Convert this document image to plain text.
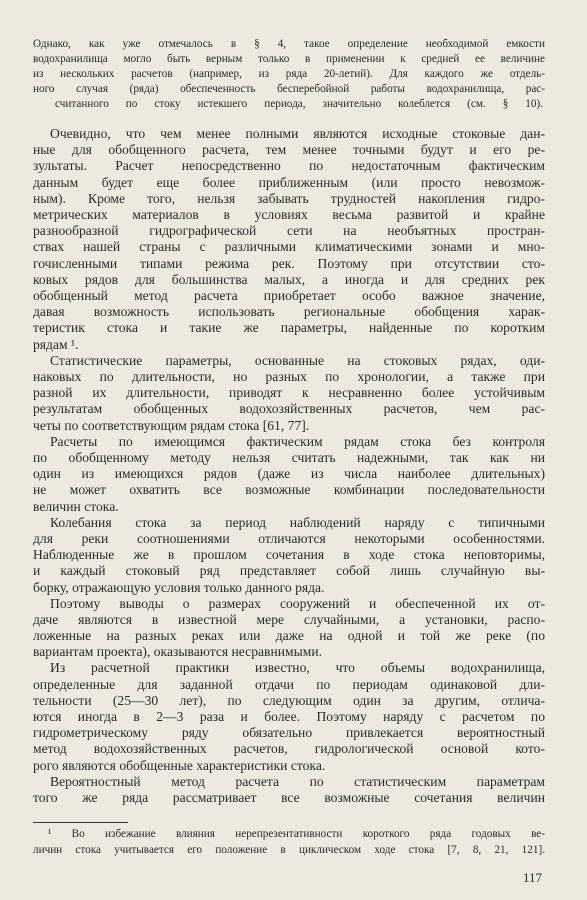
Однако, как уже отмечалось в § 4, такое определение необходимой емкости
водохранилища могло быть верным только в применении к средней ее величине
из нескольких расчетов (например, из ряда 20-летий). Для каждого же отдель-
ного случая (ряда) обеспеченность бесперебойной работы водохранилища, рас-
считанного по стоку истекшего периода, значительно колеблется (см. § 10).
Очевидно, что чем менее полными являются исходные стоковые дан-
ные для обобщенного расчета, тем менее точными будут и его ре-
зультаты. Расчет непосредственно по недостаточным фактическим
данным будет еще более приближенным (или просто невозмож-
ным). Кроме того, нельзя забывать трудностей накопления гидро-
метрических материалов в условиях весьма развитой и крайне
разнообразной гидрографической сети на необъятных простран-
ствах нашей страны с различными климатическими зонами и мно-
гочисленными типами режима рек. Поэтому при отсутствии сто-
ковых рядов для большинства малых, а иногда и для средних рек
обобщенный метод расчета приобретает особо важное значение,
давая возможность использовать региональные обобщения харак-
теристик стока и такие же параметры, найденные по коротким
рядам ¹.
Статистические параметры, основанные на стоковых рядах, оди-
наковых по длительности, но разных по хронологии, а также при
разной их длительности, приводят к несравненно более устойчивым
результатам обобщенных водохозяйственных расчетов, чем рас-
четы по соответствующим рядам стока [61, 77].
Расчеты по имеющимся фактическим рядам стока без контроля
по обобщенному методу нельзя считать надежными, так как ни
один из имеющихся рядов (даже из числа наиболее длительных)
не может охватить все возможные комбинации последовательности
величин стока.
Колебания стока за период наблюдений наряду с типичными
для реки соотношениями отличаются некоторыми особенностями.
Наблюденные же в прошлом сочетания в ходе стока неповторимы,
и каждый стоковый ряд представляет собой лишь случайную вы-
борку, отражающую условия только данного ряда.
Поэтому выводы о размерах сооружений и обеспеченной их от-
даче являются в известной мере случайными, а установки, распо-
ложенные на разных реках или даже на одной и той же реке (по
вариантам проекта), оказываются несравнимыми.
Из расчетной практики известно, что объемы водохранилища,
определенные для заданной отдачи по периодам одинаковой дли-
тельности (25—30 лет), по следующим один за другим, отлича-
ются иногда в 2—3 раза и более. Поэтому наряду с расчетом по
гидрометрическому ряду обязательно привлекается вероятностный
метод водохозяйственных расчетов, гидрологической основой кото-
рого являются обобщенные характеристики стока.
Вероятностный метод расчета по статистическим параметрам
того же ряда рассматривает все возможные сочетания величин
¹ Во избежание влияния нерепрезентативности короткого ряда годовых ве-
личин стока учитывается его положение в циклическом ходе стока [7, 8, 21, 121].
117
